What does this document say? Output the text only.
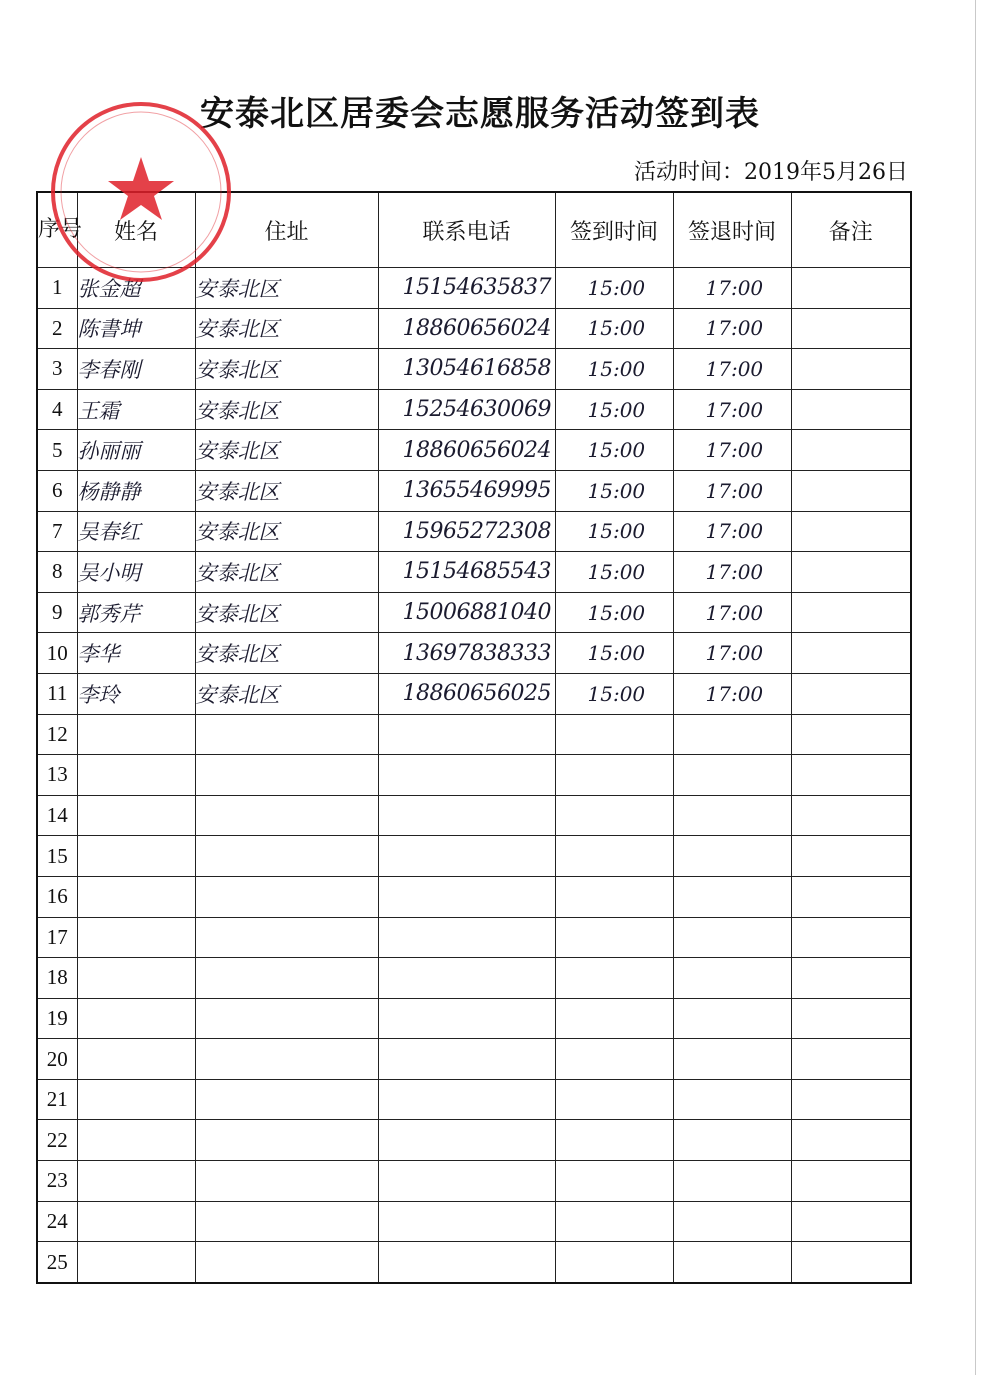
安泰北区居委会志愿服务活动签到表
活动时间：2019年5月26日
序号	姓名	住址	联系电话	签到时间	签退时间	备注
1	张金超	安泰北区	15154635837	15:00	17:00	
2	陈書坤	安泰北区	18860656024	15:00	17:00	
3	李春刚	安泰北区	13054616858	15:00	17:00	
4	王霜	安泰北区	15254630069	15:00	17:00	
5	孙丽丽	安泰北区	18860656024	15:00	17:00	
6	杨静静	安泰北区	13655469995	15:00	17:00	
7	吴春红	安泰北区	15965272308	15:00	17:00	
8	吴小明	安泰北区	15154685543	15:00	17:00	
9	郭秀芹	安泰北区	15006881040	15:00	17:00	
10	李华	安泰北区	13697838333	15:00	17:00	
11	李玲	安泰北区	18860656025	15:00	17:00	
12						
13						
14						
15						
16						
17						
18						
19						
20						
21						
22						
23						
24						
25						
